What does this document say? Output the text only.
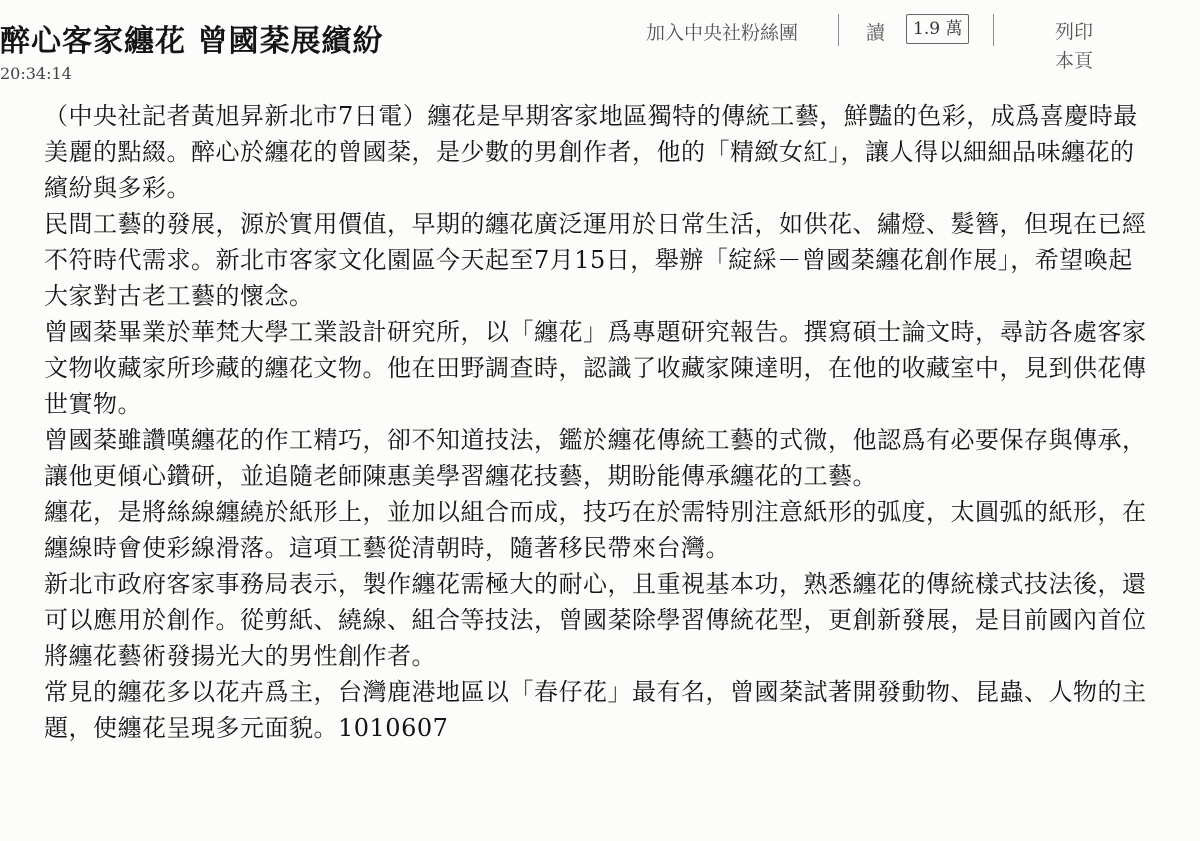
醉心客家纏花 曾國棻展繽紛
20:34:14
加入中央社粉絲團	讀	1.9 萬	列印
本頁

（中央社記者黃旭昇新北市7日電）纏花是早期客家地區獨特的傳統工藝，鮮豔的色彩，成爲喜慶時最美麗的點綴。醉心於纏花的曾國棻，是少數的男創作者，他的「精緻女紅」，讓人得以細細品味纏花的繽紛與多彩。

民間工藝的發展，源於實用價值，早期的纏花廣泛運用於日常生活，如供花、繡燈、髮簪，但現在已經不符時代需求。新北市客家文化園區今天起至7月15日，舉辦「綻綵－曾國棻纏花創作展」，希望喚起大家對古老工藝的懷念。

曾國棻畢業於華梵大學工業設計研究所，以「纏花」爲專題研究報告。撰寫碩士論文時，尋訪各處客家文物收藏家所珍藏的纏花文物。他在田野調查時，認識了收藏家陳達明，在他的收藏室中，見到供花傳世實物。

曾國棻雖讚嘆纏花的作工精巧，卻不知道技法，鑑於纏花傳統工藝的式微，他認爲有必要保存與傳承，讓他更傾心鑽研，並追隨老師陳惠美學習纏花技藝，期盼能傳承纏花的工藝。

纏花，是將絲線纏繞於紙形上，並加以組合而成，技巧在於需特別注意紙形的弧度，太圓弧的紙形，在纏線時會使彩線滑落。這項工藝從清朝時，隨著移民帶來台灣。

新北市政府客家事務局表示，製作纏花需極大的耐心，且重視基本功，熟悉纏花的傳統樣式技法後，還可以應用於創作。從剪紙、繞線、組合等技法，曾國棻除學習傳統花型，更創新發展，是目前國內首位將纏花藝術發揚光大的男性創作者。

常見的纏花多以花卉爲主，台灣鹿港地區以「春仔花」最有名，曾國棻試著開發動物、昆蟲、人物的主題，使纏花呈現多元面貌。1010607
